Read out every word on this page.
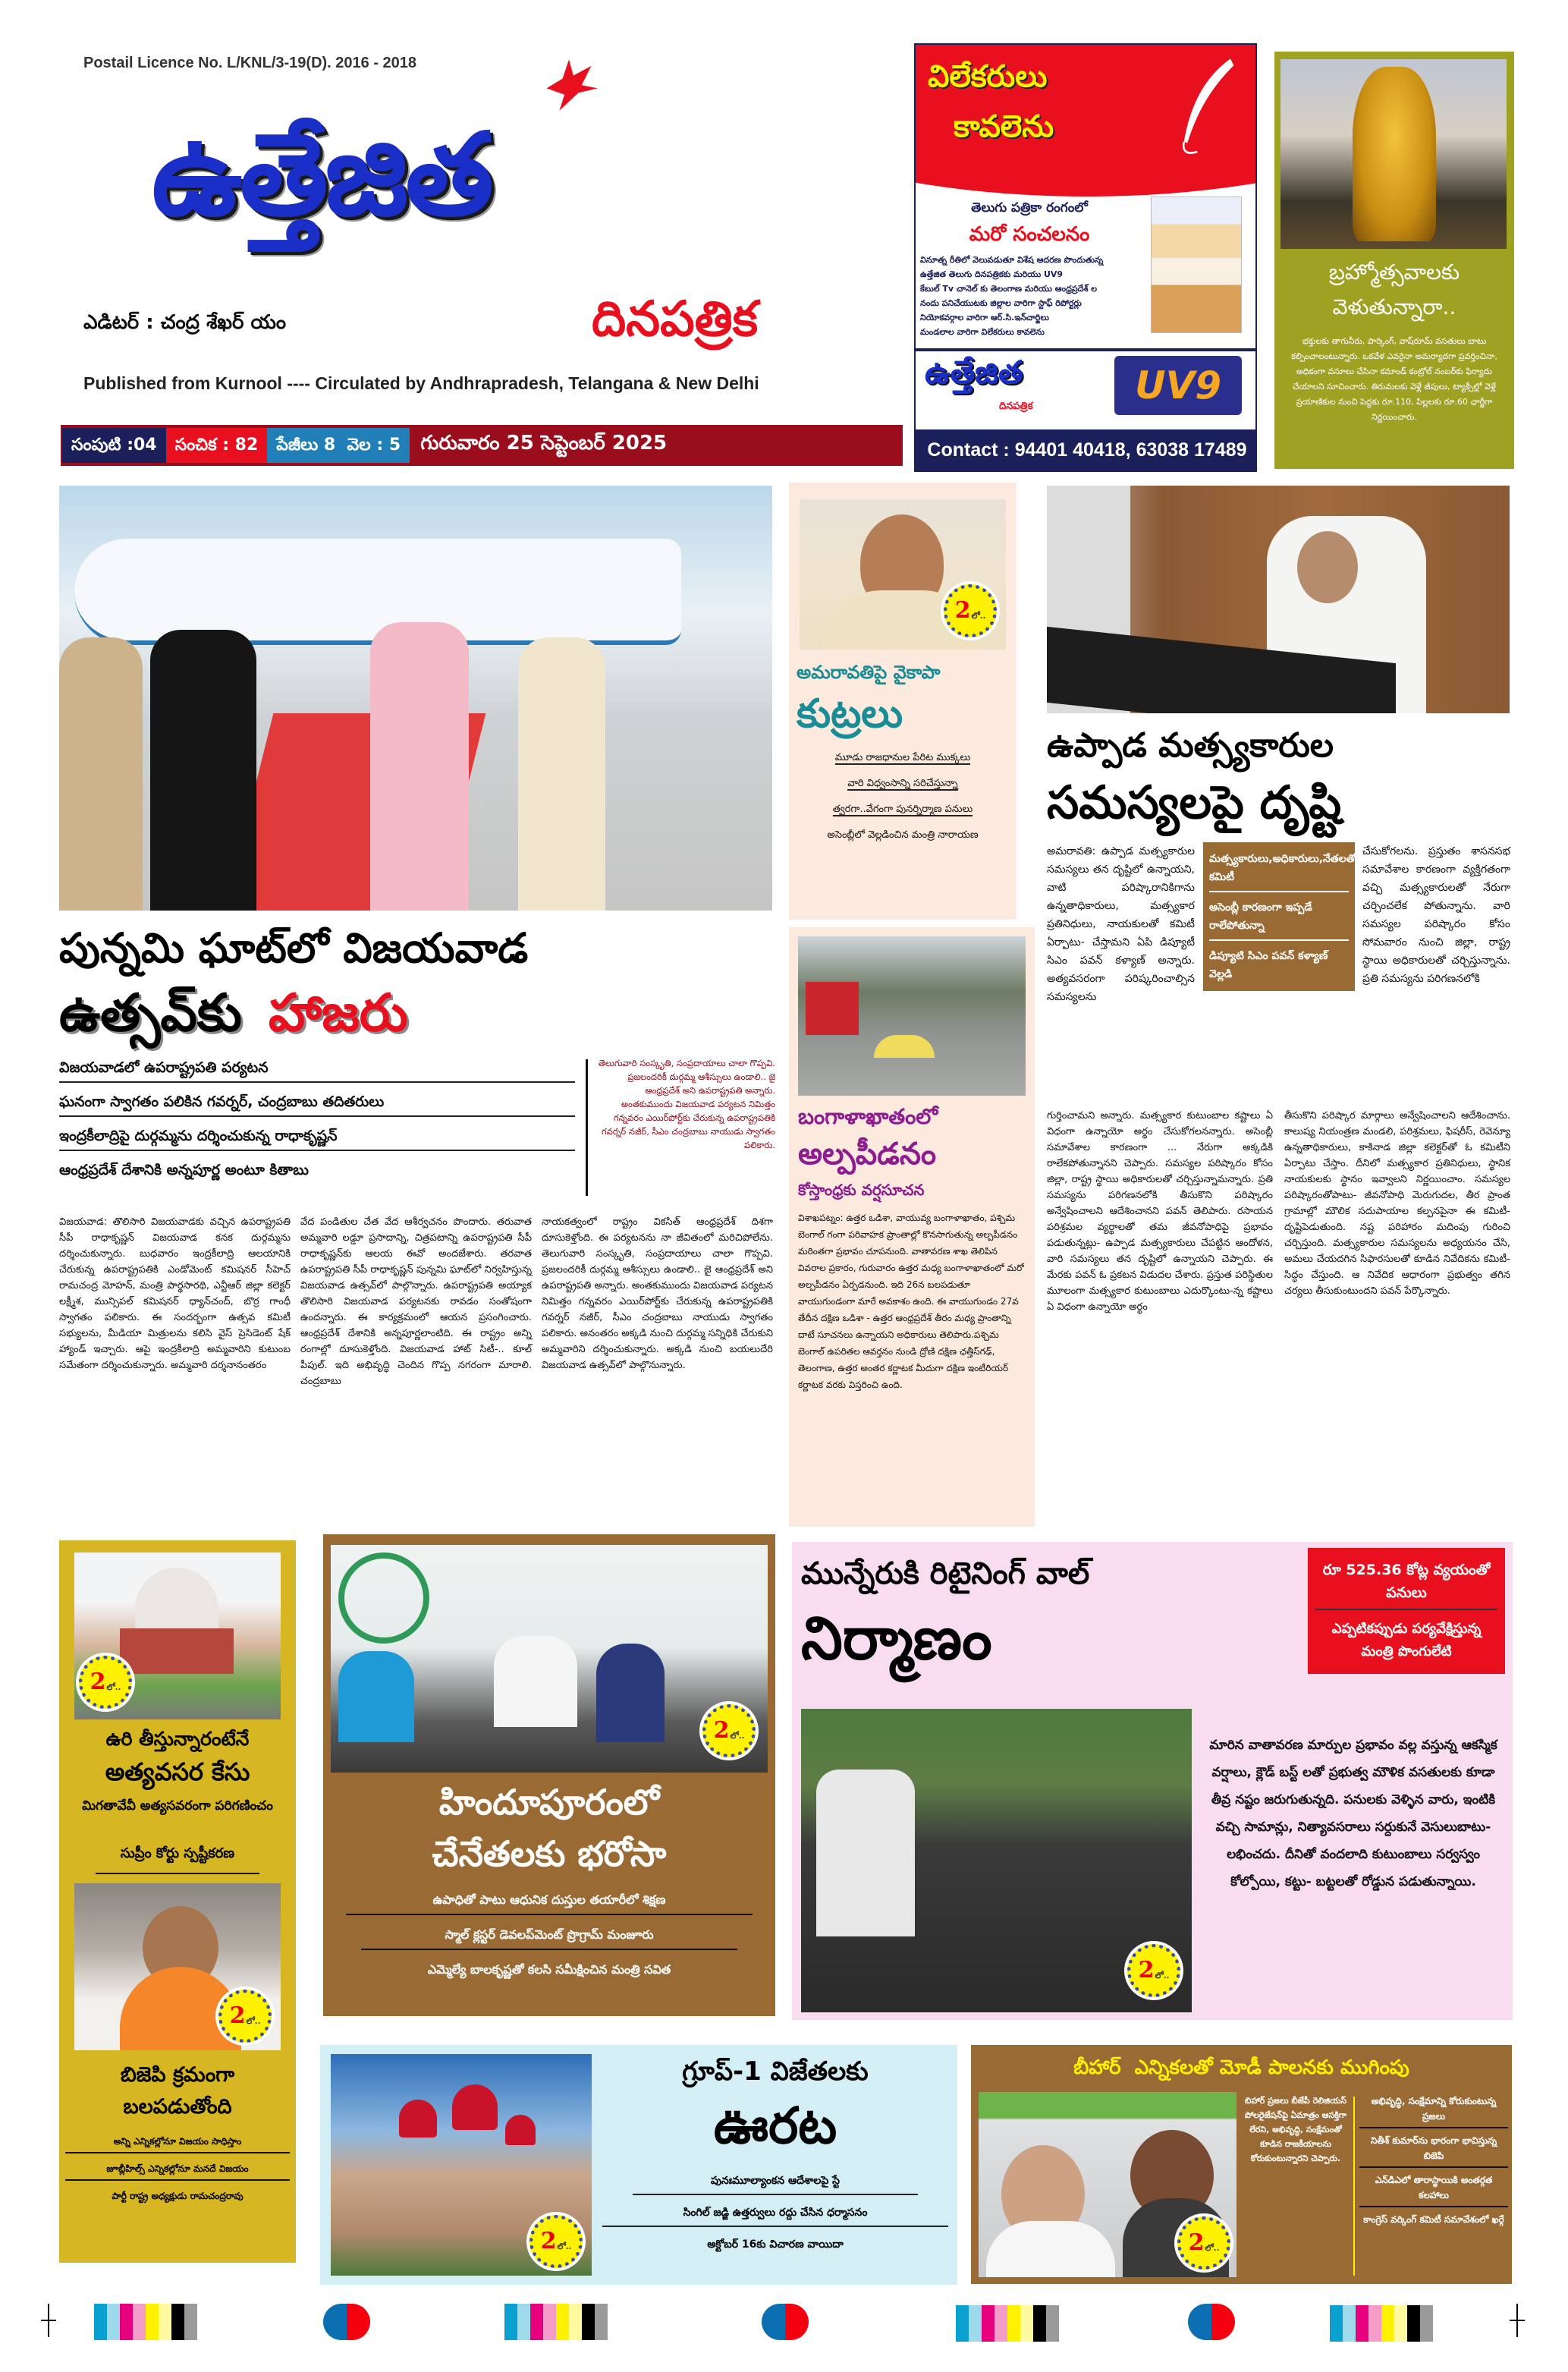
Postail Licence No. L/KNL/3-19(D). 2016 - 2018
ఉత్తేజిత
ఎడిటర్ : చంద్ర శేఖర్ యం	దినపత్రిక
Published from Kurnool ---- Circulated by Andhrapradesh, Telangana & New Delhi
సంపుటి :04	సంచిక : 82	పేజీలు 8  వెల : 5	గురువారం 25 సెప్టెంబర్ 2025
విలేకరులు
కావలెను
తెలుగు పత్రికా రంగంలో
మరో సంచలనం
వినూత్న రీతిలో వెలువడుతూ విశేష ఆదరణ పొందుతున్న
ఉత్తేజిత తెలుగు దినపత్రికకు మరియు UV9
కేబుల్ Tv చానెల్ కు తెలంగాణ మరియు ఆంధ్రప్రదేశ్ ల
నందు పనిచేయుటకు జిల్లాల వారిగా స్టాఫ్ రిపోర్టర్లు
నియోకవర్గాల వారిగా ఆర్.సి.ఇన్‌చార్జిలు
మండలాల వారిగా విలేకరులు కావలెను
ఉత్తేజిత
దినపత్రిక	UV9
Contact : 94401 40418, 63038 17489
బ్రహ్మోత్సవాలకు వెళుతున్నారా..
భక్తులకు తాగునీరు, పార్కింగ్, వాష్‌రూమ్ వసతులు బాటు కల్పించాలంటున్నారు. ఒకవేళ ఎవరైనా అమర్యాదగా ప్రవర్తించినా, అధికంగా వసూలు చేసినా కమాండ్ కంట్రోల్ నంబర్‌కు ఫిర్యాదు చేయాలని సూచించారు. తిరుమలకు వెళ్లే జీపులు, ట్యాక్సీల్లో వెళ్లే ప్రయాణికుల నుంచి పెద్దకు రూ.110, పిల్లలకు రూ.60 ఛార్జీగా నిర్ణయించారు.
2 లో..
అమరావతిపై వైకాపా
కుట్రలు
మూడు రాజధానుల పేరిట ముక్కలు
వారి విధ్వంసాన్ని సరిచేస్తున్నా
త్వరగా..వేగంగా పునర్నిర్మాణ పనులు
అసెంబ్లీలో వెల్లడించిన మంత్రి నారాయణ
ఉప్పాడ మత్స్యకారుల
సమస్యలపై దృష్టి
అమరావతి: ఉప్పాడ మత్స్యకారుల సమస్యలు తన దృష్టిలో ఉన్నాయని, వాటి పరిష్కారానికిగాను ఉన్నతాధికారులు, మత్స్యకార ప్రతినిధులు, నాయకులతో కమిటీ ఏర్పాటు- చేస్తామని ఏపి డిప్యూటీ సిఎం పవన్ కళ్యాణ్ అన్నారు. అత్యవసరంగా పరిష్కరించాల్సిన సమస్యలను
మత్స్యకారులు,అధికారులు,నేతలతో కమిటీ
అసెంబ్లీ కారణంగా ఇప్పడే రాలేపోతున్నా
డిప్యూటి సిఎం పవన్ కళ్యాణ్ వెల్లడి
చేసుకోగలను. ప్రస్తుతం శాసనసభ సమావేశాల కారణంగా వ్యక్తిగతంగా వచ్చి మత్స్యకారులతో నేరుగా చర్చించలేక పోతున్నాను. వారి సమస్యల పరిష్కారం కోసం సోమవారం నుంచి జిల్లా, రాష్ట్ర స్థాయి అధికారులతో చర్చిస్తున్నాను. ప్రతి సమస్యను పరిగణనలోకి
గుర్తించామని అన్నారు. మత్స్యకార కుటుంబాల కష్టాలు ఏ విధంగా ఉన్నాయో అర్థం చేసుకోగలనన్నారు. అసెంబ్లీ సమావేశాల కారణంగా ... నేరుగా అక్కడికి రాలేకపోతున్నానని చెప్పారు. సమస్యల పరిష్కారం కోసం జిల్లా, రాష్ట్ర స్థాయి అధికారులతో చర్చిస్తున్నామన్నారు. ప్రతి సమస్యను పరిగణనలోకి తీసుకొని పరిష్కారం అన్వేషించాలని ఆదేశించానని పవన్ తెలిపారు. రసాయన పరిశ్రమల వ్యర్థాలతో తమ జీవనోపాధిపై ప్రభావం పడుతున్నట్లు- ఉప్పాడ మత్స్యకారులు చేపట్టిన ఆందోళన, వారి సమస్యలు తన దృష్టిలో ఉన్నాయని చెప్పారు. ఈ మేరకు పవన్ ఓ ప్రకటన విడుదల చేశారు. ప్రస్తుత పరిస్థితుల మూలంగా మత్స్యకార కుటుంబాలు ఎదుర్కొంటు-న్న కష్టాలు ఏ విధంగా ఉన్నాయో అర్థం
తీసుకొని పరిష్కార మార్గాలు అన్వేషించాలని ఆదేశించాను. కాలుష్య నియంత్రణ మండలి, పరిశ్రమలు, ఫిషరీస్, రెవెన్యూ ఉన్నతాధికారులు, కాకినాడ జిల్లా కలెక్టర్‌తో ఓ కమిటీని ఏర్పాటు చేస్తాం. దీనిలో మత్స్యకార ప్రతినిధులు, స్థానిక నాయకులకు స్థానం ఇవ్వాలని నిర్ణయించాం. సమస్యల పరిష్కారంతోపాటు- జీవనోపాధి మెరుగుదల, తీర ప్రాంత గ్రామాల్లో మౌలిక సదుపాయాల కల్పనపైనా ఈ కమిటీ- దృష్టిపెడుతుంది. నష్ట పరిహారం మదింపు గురించి చర్చిస్తుంది. మత్స్యకారుల సమస్యలను అధ్యయనం చేసి, అమలు చేయదగిన సిఫారసులతో కూడిన నివేదికను కమిటీ- సిద్ధం చేస్తుంది. ఆ నివేదిక ఆధారంగా ప్రభుత్వం తగిన చర్యలు తీసుకుంటుందని పవన్ పేర్కొన్నారు.
బంగాళాఖాతంలో
అల్పపీడనం
కోస్తాంధ్రకు వర్షసూచన
విశాఖపట్నం: ఉత్తర ఒడిశా, వాయువ్య బంగాళాఖాతం, పశ్చిమ బెంగాల్ గంగా పరివాహక ప్రాంతాల్లో కొనసాగుతున్న అల్పపీడనం మరింతగా ప్రభావం చూపనుంది. వాతావరణ శాఖ తెలిపిన వివరాల ప్రకారం, గురువారం ఉత్తర మధ్య బంగాళాఖాతంలో మరో అల్పపీడనం ఏర్పడనుంది. ఇది 26న బలపడుతూ వాయుగుండంగా మారే అవకాశం ఉంది. ఈ వాయుగుండం 27వ తేదీన దక్షిణ ఒడిశా - ఉత్తర ఆంధ్రప్రదేశ్ తీరం మధ్య ప్రాంతాన్ని దాటే సూచనలు ఉన్నాయని అధికారులు తెలిపారు.పశ్చిమ బెంగాల్ ఉపరితల ఆవర్తనం నుండి ద్రోణి దక్షిణ ఛత్తీస్‌గఢ్, తెలంగాణ, ఉత్తర అంతర కర్ణాటక మీదుగా దక్షిణ ఇంటీరియర్ కర్ణాటక వరకు విస్తరించి ఉంది.
పున్నమి ఘాట్‌లో విజయవాడ
ఉత్సవ్‌కు హాజరు
విజయవాడలో ఉపరాష్ట్రపతి పర్యటన
ఘనంగా స్వాగతం పలికిన గవర్నర్, చంద్రబాబు తదితరులు
ఇంద్రకీలాద్రిపై దుర్గమ్మను దర్శించుకున్న రాధాకృష్ణన్
ఆంధ్రప్రదేశ్ దేశానికి అన్నపూర్ణ అంటూ కితాబు
తెలుగువారి సంస్కృతి, సంప్రదాయాలు చాలా గొప్పవి. ప్రజలందరికీ దుర్గమ్మ ఆశీస్సులు ఉండాలి.. జై ఆంధ్రప్రదేశ్ అని ఉపరాష్ట్రపతి అన్నారు. అంతకుముందు విజయవాడ పర్యటన నిమిత్తం గన్నవరం ఎయిర్‌పోర్ట్‌కు చేరుకున్న ఉపరాష్ట్రపతికి గవర్నర్ నజీర్, సీఎం చంద్రబాబు నాయుడు స్వాగతం పలికారు.
విజయవాడ: తొలిసారి విజయవాడకు వచ్చిన ఉపరాష్ట్రపతి సీపీ రాధాకృష్ణన్ విజయవాడ కనక దుర్గమ్మను దర్శించుకున్నారు. బుధవారం ఇంద్రకీలాద్రి ఆలయానికి చేరుకున్న ఉపరాష్ట్రపతికి ఎండోమెంట్ కమిషనర్ సీహెచ్ రామచంద్ర మోహన్, మంత్రి పార్థసారథి, ఎన్టీఆర్ జిల్లా కలెక్టర్ లక్ష్మీశ, మున్సిపల్ కమిషనర్ ధ్యాన్‌చంద్, బొర్ర గాంధీ స్వాగతం పలికారు. ఈ సందర్భంగా ఉత్సవ కమిటీ సభ్యులను, మీడియా మిత్రులను కలిసి వైస్ ప్రెసిడెంట్ షేక్ హ్యాండ్ ఇచ్చారు. ఆపై ఇంద్రకీలాద్రి అమ్మవారిని కుటుంబ సమేతంగా దర్శించుకున్నారు. అమ్మవారి దర్శనానంతరం
వేద పండితుల చేత వేద ఆశీర్వచనం పొందారు. తరువాత అమ్మవారి లడ్డూ ప్రసాదాన్ని, చిత్రపటాన్ని ఉపరాష్ట్రపతి సీపీ రాధాకృష్ణన్‌కు ఆలయ ఈవో అందజేశారు. తరవాత ఉపరాష్ట్రపతి సీపీ రాధాకృష్ణన్ పున్నమి ఘాట్‌లో నిర్వహిస్తున్న విజయవాడ ఉత్సవ్‌లో పాల్గొన్నారు. ఉపరాష్ట్రపతి అయ్యాక తొలిసారి విజయవాడ పర్యటనకు రావడం సంతోషంగా ఉందన్నారు. ఈ కార్యక్రమంలో ఆయన ప్రసంగించారు. ఆంధ్రప్రదేశ్ దేశానికి అన్నపూర్ణలాంటిది. ఈ రాష్ట్రం అన్ని రంగాల్లో దూసుకెళ్తోంది. విజయవాడ హాట్ సిటీ-.. కూల్ పీపుల్. ఇది అభివృద్ధి చెందిన గొప్ప నగరంగా మారాలి. చంద్రబాబు
నాయకత్వంలో రాష్ట్రం వికసిత్ ఆంధ్రప్రదేశ్ దిశగా దూసుకెళ్తోంది. ఈ పర్యటనను నా జీవితంలో మరిచిపోలేను. తెలుగువారి సంస్కృతి, సంప్రదాయాలు చాలా గొప్పవి. ప్రజలందరికీ దుర్గమ్మ ఆశీస్సులు ఉండాలి.. జై ఆంధ్రప్రదేశ్ అని ఉపరాష్ట్రపతి అన్నారు. అంతకుముందు విజయవాడ పర్యటన నిమిత్తం గన్నవరం ఎయిర్‌పోర్ట్‌కు చేరుకున్న ఉపరాష్ట్రపతికి గవర్నర్ నజీర్, సీఎం చంద్రబాబు నాయుడు స్వాగతం పలికారు. అనంతరం అక్కడి నుంచి దుర్గమ్మ సన్నిధికి చేరుకుని అమ్మవారిని దర్శించుకున్నారు. అక్కడి నుంచి బయలుదేరి విజయవాడ ఉత్సవ్‌లో పాల్గొనున్నారు.
2 లో..
ఉరి తీస్తున్నారంటేనే
అత్యవసర కేసు
మిగతావేవీ అత్యసవరంగా పరిగణించం
సుప్రీం కోర్టు స్పష్టీకరణ
2 లో..
బిజెపి క్రమంగా బలపడుతోంది
అన్ని ఎన్నికల్లోనూ విజయం సాధిస్తాం
జూబ్లీహిల్స్ ఎన్నికల్లోనూ మనదే విజయం
పార్టీ రాష్ట్ర అధ్యక్షుడు రామచంద్రరావు
2 లో..
హిందూపూరంలో
చేనేతలకు భరోసా
ఉపాధితో పాటు ఆధునిక దుస్తుల తయారీలో శిక్షణ
స్మాల్ క్లస్టర్ డెవలప్‌మెంట్ ప్రొగ్రామ్ మంజూరు
ఎమ్మెల్యే బాలకృష్ణతో కలసి సమీక్షించిన మంత్రి సవిత
మున్నేరుకి రిటైనింగ్ వాల్
నిర్మాణం
రూ 525.36 కోట్ల వ్యయంతో పనులు
ఎప్పటికప్పుడు పర్యవేక్షిస్తున్న మంత్రి పొంగులేటి
2 లో..
మారిన వాతావరణ మార్పుల ప్రభావం వల్ల వస్తున్న ఆకస్మిక వర్షాలు, క్లౌడ్ బస్ట్ లతో ప్రభుత్వ మౌళిక వసతులకు కూడా తీవ్ర నష్టం జరుగుతున్నది. పనులకు వెళ్ళిన వారు, ఇంటికి వచ్చి సామాన్లు, నిత్యావసరాలు సర్దుకునే వెసులుబాటు- లభించదు. దీనితో వందలాది కుటుంబాలు సర్వస్వం కోల్పోయి, కట్టు- బట్టలతో రోడ్డున పడుతున్నాయి.
2 లో..
గ్రూప్-1 విజేతలకు
ఊరట
పునఃమూల్యాంకన ఆదేశాలపై స్టే
సింగిల్ జడ్జి ఉత్తర్వులు రద్దు చేసిన ధర్మాసనం
అక్టోబర్ 16కు విచారణ వాయిదా
బీహార్  ఎన్నికలతో మోడీ పాలనకు ముగింపు
2 లో..
బిహార్ ప్రజలు బీజేపీ రెలిజియస్ పోలరైజేషన్‌పై ఏమాత్రం ఆసక్తిగా లేరని, అభివృద్ధి, సంక్షేమంతో కూడిన రాజకీయాలను కోరుకుంటున్నారని చెప్పారు.
అభివృద్ధి, సంక్షేమాన్ని కోరుకుంటున్న ప్రజలు
నితీశ్ కుమార్‌ను భారంగా భావిస్తున్న బిజెపి
ఎన్‌డిఎలో తారాస్థాయికి అంతర్గత కలహాలు
కాంగ్రెస్ వర్కింగ్ కమిటీ సమావేశంలో ఖర్గే
